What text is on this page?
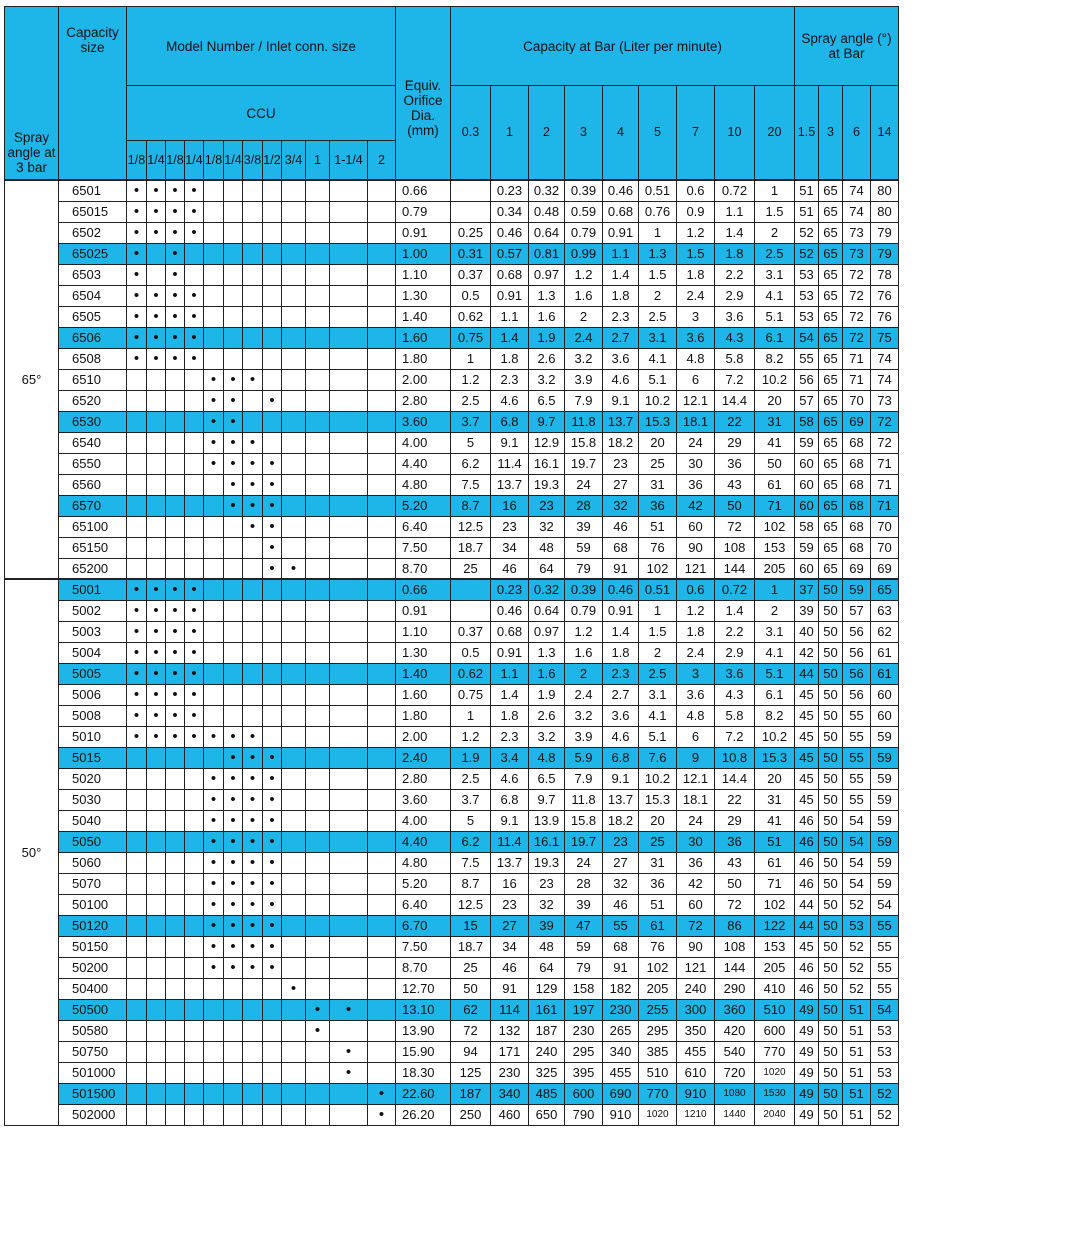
Spray angle at 3 bar	Capacity size	Model Number / Inlet conn. size												Equiv. Orifice Dia. (mm)	Capacity at Bar (Liter per minute)									Spray angle (°) at Bar			
		CCU													0.3	1	2	3	4	5	7	10	20	1.5	3	6	14
		1/8	1/4	1/8	1/4	1/8	1/4	3/8	1/2	3/4	1	1-1/4	2														
65°	6501	•	•	•	•									0.66		0.23	0.32	0.39	0.46	0.51	0.6	0.72	1	51	65	74	80
	65015	•	•	•	•									0.79		0.34	0.48	0.59	0.68	0.76	0.9	1.1	1.5	51	65	74	80
	6502	•	•	•	•									0.91	0.25	0.46	0.64	0.79	0.91	1	1.2	1.4	2	52	65	73	79
	65025	•		•										1.00	0.31	0.57	0.81	0.99	1.1	1.3	1.5	1.8	2.5	52	65	73	79
	6503	•		•										1.10	0.37	0.68	0.97	1.2	1.4	1.5	1.8	2.2	3.1	53	65	72	78
	6504	•	•	•	•									1.30	0.5	0.91	1.3	1.6	1.8	2	2.4	2.9	4.1	53	65	72	76
	6505	•	•	•	•									1.40	0.62	1.1	1.6	2	2.3	2.5	3	3.6	5.1	53	65	72	76
	6506	•	•	•	•									1.60	0.75	1.4	1.9	2.4	2.7	3.1	3.6	4.3	6.1	54	65	72	75
	6508	•	•	•	•									1.80	1	1.8	2.6	3.2	3.6	4.1	4.8	5.8	8.2	55	65	71	74
	6510					•	•	•						2.00	1.2	2.3	3.2	3.9	4.6	5.1	6	7.2	10.2	56	65	71	74
	6520					•	•		•					2.80	2.5	4.6	6.5	7.9	9.1	10.2	12.1	14.4	20	57	65	70	73
	6530					•	•							3.60	3.7	6.8	9.7	11.8	13.7	15.3	18.1	22	31	58	65	69	72
	6540					•	•	•						4.00	5	9.1	12.9	15.8	18.2	20	24	29	41	59	65	68	72
	6550					•	•	•	•					4.40	6.2	11.4	16.1	19.7	23	25	30	36	50	60	65	68	71
	6560						•	•	•					4.80	7.5	13.7	19.3	24	27	31	36	43	61	60	65	68	71
	6570						•	•	•					5.20	8.7	16	23	28	32	36	42	50	71	60	65	68	71
	65100							•	•					6.40	12.5	23	32	39	46	51	60	72	102	58	65	68	70
	65150								•					7.50	18.7	34	48	59	68	76	90	108	153	59	65	68	70
	65200								•	•				8.70	25	46	64	79	91	102	121	144	205	60	65	69	69
50°	5001	•	•	•	•									0.66		0.23	0.32	0.39	0.46	0.51	0.6	0.72	1	37	50	59	65
	5002	•	•	•	•									0.91		0.46	0.64	0.79	0.91	1	1.2	1.4	2	39	50	57	63
	5003	•	•	•	•									1.10	0.37	0.68	0.97	1.2	1.4	1.5	1.8	2.2	3.1	40	50	56	62
	5004	•	•	•	•									1.30	0.5	0.91	1.3	1.6	1.8	2	2.4	2.9	4.1	42	50	56	61
	5005	•	•	•	•									1.40	0.62	1.1	1.6	2	2.3	2.5	3	3.6	5.1	44	50	56	61
	5006	•	•	•	•									1.60	0.75	1.4	1.9	2.4	2.7	3.1	3.6	4.3	6.1	45	50	56	60
	5008	•	•	•	•									1.80	1	1.8	2.6	3.2	3.6	4.1	4.8	5.8	8.2	45	50	55	60
	5010	•	•	•	•	•	•	•						2.00	1.2	2.3	3.2	3.9	4.6	5.1	6	7.2	10.2	45	50	55	59
	5015						•	•	•					2.40	1.9	3.4	4.8	5.9	6.8	7.6	9	10.8	15.3	45	50	55	59
	5020					•	•	•	•					2.80	2.5	4.6	6.5	7.9	9.1	10.2	12.1	14.4	20	45	50	55	59
	5030					•	•	•	•					3.60	3.7	6.8	9.7	11.8	13.7	15.3	18.1	22	31	45	50	55	59
	5040					•	•	•	•					4.00	5	9.1	13.9	15.8	18.2	20	24	29	41	46	50	54	59
	5050					•	•	•	•					4.40	6.2	11.4	16.1	19.7	23	25	30	36	51	46	50	54	59
	5060					•	•	•	•					4.80	7.5	13.7	19.3	24	27	31	36	43	61	46	50	54	59
	5070					•	•	•	•					5.20	8.7	16	23	28	32	36	42	50	71	46	50	54	59
	50100					•	•	•	•					6.40	12.5	23	32	39	46	51	60	72	102	44	50	52	54
	50120					•	•	•	•					6.70	15	27	39	47	55	61	72	86	122	44	50	53	55
	50150					•	•	•	•					7.50	18.7	34	48	59	68	76	90	108	153	45	50	52	55
	50200					•	•	•	•					8.70	25	46	64	79	91	102	121	144	205	46	50	52	55
	50400									•				12.70	50	91	129	158	182	205	240	290	410	46	50	52	55
	50500										•	•		13.10	62	114	161	197	230	255	300	360	510	49	50	51	54
	50580										•			13.90	72	132	187	230	265	295	350	420	600	49	50	51	53
	50750											•		15.90	94	171	240	295	340	385	455	540	770	49	50	51	53
	501000											•		18.30	125	230	325	395	455	510	610	720	1020	49	50	51	53
	501500												•	22.60	187	340	485	600	690	770	910	1080	1530	49	50	51	52
	502000												•	26.20	250	460	650	790	910	1020	1210	1440	2040	49	50	51	52
